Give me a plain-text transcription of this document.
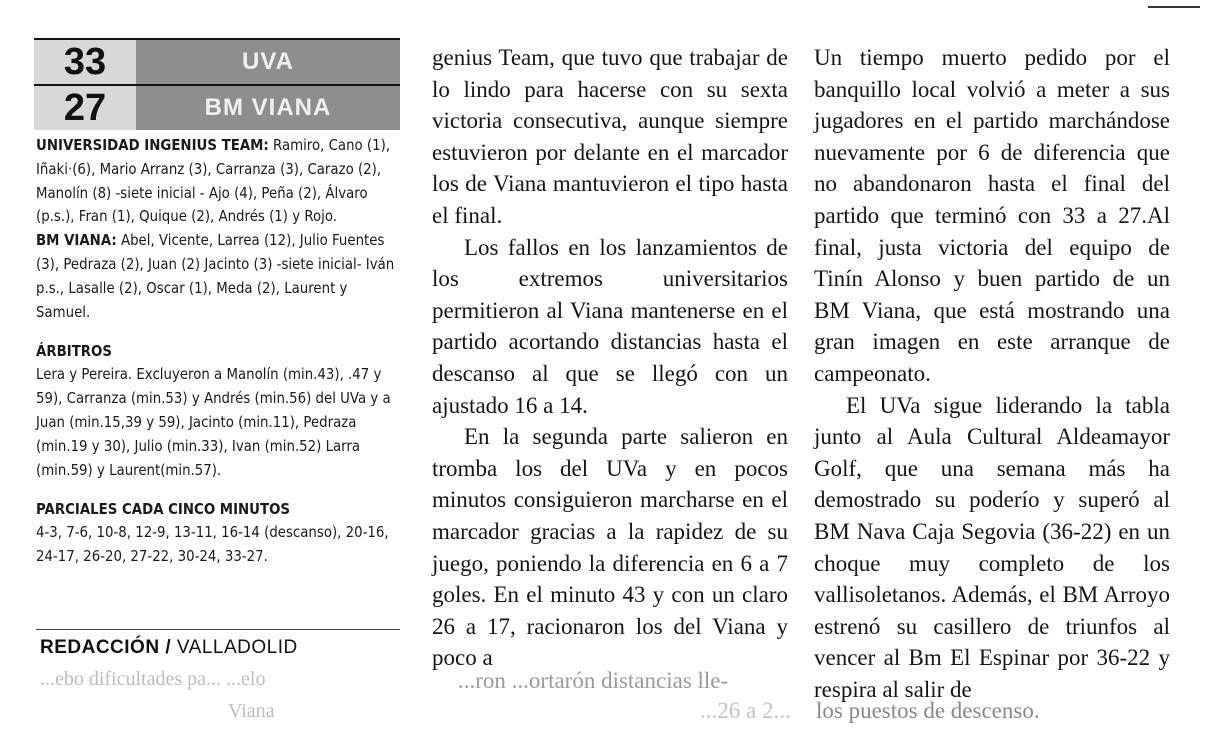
33	UVA
27	BM VIANA

UNIVERSIDAD INGENIUS TEAM: Ramiro, Cano (1), Iñaki·(6), Mario Arranz (3), Carranza (3), Carazo (2), Manolín (8) -siete inicial - Ajo (4), Peña (2), Álvaro (p.s.), Fran (1), Quique (2), Andrés (1) y Rojo.

BM VIANA: Abel, Vicente, Larrea (12), Julio Fuentes (3), Pedraza (2), Juan (2) Jacinto (3) -siete inicial- Iván p.s., Lasalle (2), Oscar (1), Meda (2), Laurent y Samuel.

ÁRBITROS

Lera y Pereira. Excluyeron a Manolín (min.43), .47 y 59), Carranza (min.53) y Andrés (min.56) del UVa y a Juan (min.15,39 y 59), Jacinto (min.11), Pedraza (min.19 y 30), Julio (min.33), Ivan (min.52) Larra (min.59) y Laurent(min.57).

PARCIALES CADA CINCO MINUTOS

4-3, 7-6, 10-8, 12-9, 13-11, 16-14 (descanso), 20-16, 24-17, 26-20, 27-22, 30-24, 33-27.

REDACCIÓN / VALLADOLID
...ebo dificultades pa... ...elo
Viana

genius Team, que tuvo que trabajar de lo lindo para hacerse con su sexta victoria consecutiva, aunque siempre estuvieron por delante en el marcador los de Viana mantuvieron el tipo hasta el final.

Los fallos en los lanzamientos de los extremos universitarios permitieron al Viana mantenerse en el partido acortando distancias hasta el descanso al que se llegó con un ajustado 16 a 14.

En la segunda parte salieron en tromba los del UVa y en pocos minutos consiguieron marcharse en el marcador gracias a la rapidez de su juego, poniendo la diferencia en 6 a 7 goles. En el minuto 43 y con un claro 26 a 17, racionaron los del Viana y poco a

...ron ...ortarón distancias lle-
...26 a 2...

Un tiempo muerto pedido por el banquillo local volvió a meter a sus jugadores en el partido marchándose nuevamente por 6 de diferencia que no abandonaron hasta el final del partido que terminó con 33 a 27.Al final, justa victoria del equipo de Tinín Alonso y buen partido de un BM Viana, que está mostrando una gran imagen en este arranque de campeonato.

El UVa sigue liderando la tabla junto al Aula Cultural Aldeamayor Golf, que una semana más ha demostrado su poderío y superó al BM Nava Caja Segovia (36-22) en un choque muy completo de los vallisoletanos. Además, el BM Arroyo estrenó su casillero de triunfos al vencer al Bm El Espinar por 36-22 y respira al salir de

los puestos de descenso.
